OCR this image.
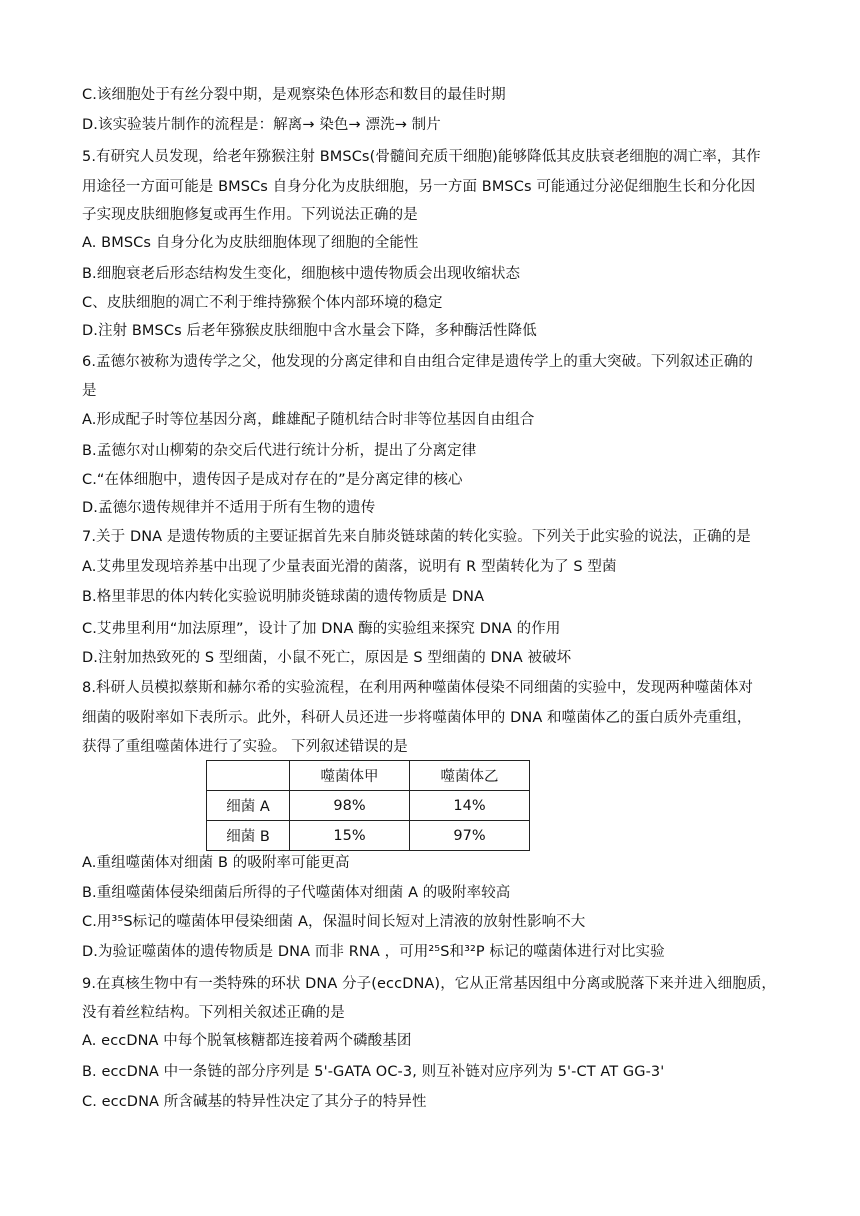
C.该细胞处于有丝分裂中期，是观察染色体形态和数目的最佳时期
D.该实验装片制作的流程是：解离→ 染色→ 漂洗→ 制片
5.有研究人员发现，给老年猕猴注射 BMSCs(骨髓间充质干细胞)能够降低其皮肤衰老细胞的凋亡率，其作
用途径一方面可能是 BMSCs 自身分化为皮肤细胞，另一方面 BMSCs 可能通过分泌促细胞生长和分化因
子实现皮肤细胞修复或再生作用。下列说法正确的是
A. BMSCs 自身分化为皮肤细胞体现了细胞的全能性
B.细胞衰老后形态结构发生变化，细胞核中遗传物质会出现收缩状态
C、皮肤细胞的凋亡不利于维持猕猴个体内部环境的稳定
D.注射 BMSCs 后老年猕猴皮肤细胞中含水量会下降，多种酶活性降低
6.孟德尔被称为遗传学之父，他发现的分离定律和自由组合定律是遗传学上的重大突破。下列叙述正确的
是
A.形成配子时等位基因分离，雌雄配子随机结合时非等位基因自由组合
B.孟德尔对山柳菊的杂交后代进行统计分析，提出了分离定律
C.“在体细胞中，遗传因子是成对存在的”是分离定律的核心
D.孟德尔遗传规律并不适用于所有生物的遗传
7.关于 DNA 是遗传物质的主要证据首先来自肺炎链球菌的转化实验。下列关于此实验的说法，正确的是
A.艾弗里发现培养基中出现了少量表面光滑的菌落，说明有 R 型菌转化为了 S 型菌
B.格里菲思的体内转化实验说明肺炎链球菌的遗传物质是 DNA
C.艾弗里利用“加法原理”，设计了加 DNA 酶的实验组来探究 DNA 的作用
D.注射加热致死的 S 型细菌，小鼠不死亡，原因是 S 型细菌的 DNA 被破坏
8.科研人员模拟蔡斯和赫尔希的实验流程，在利用两种噬菌体侵染不同细菌的实验中，发现两种噬菌体对
细菌的吸附率如下表所示。此外，科研人员还进一步将噬菌体甲的 DNA 和噬菌体乙的蛋白质外壳重组，
获得了重组噬菌体进行了实验。 下列叙述错误的是
	噬菌体甲	噬菌体乙
细菌 A	98%	14%
细菌 B	15%	97%
A.重组噬菌体对细菌 B 的吸附率可能更高
B.重组噬菌体侵染细菌后所得的子代噬菌体对细菌 A 的吸附率较高
C.用³⁵S标记的噬菌体甲侵染细菌 A，保温时间长短对上清液的放射性影响不大
D.为验证噬菌体的遗传物质是 DNA 而非 RNA ，可用²⁵S和³²P 标记的噬菌体进行对比实验
9.在真核生物中有一类特殊的环状 DNA 分子(eccDNA)，它从正常基因组中分离或脱落下来并进入细胞质，
没有着丝粒结构。下列相关叙述正确的是
A. eccDNA 中每个脱氧核糖都连接着两个磷酸基团
B. eccDNA 中一条链的部分序列是 5'-GATA OC-3, 则互补链对应序列为 5'-CT AT GG-3'
C. eccDNA 所含碱基的特异性决定了其分子的特异性
